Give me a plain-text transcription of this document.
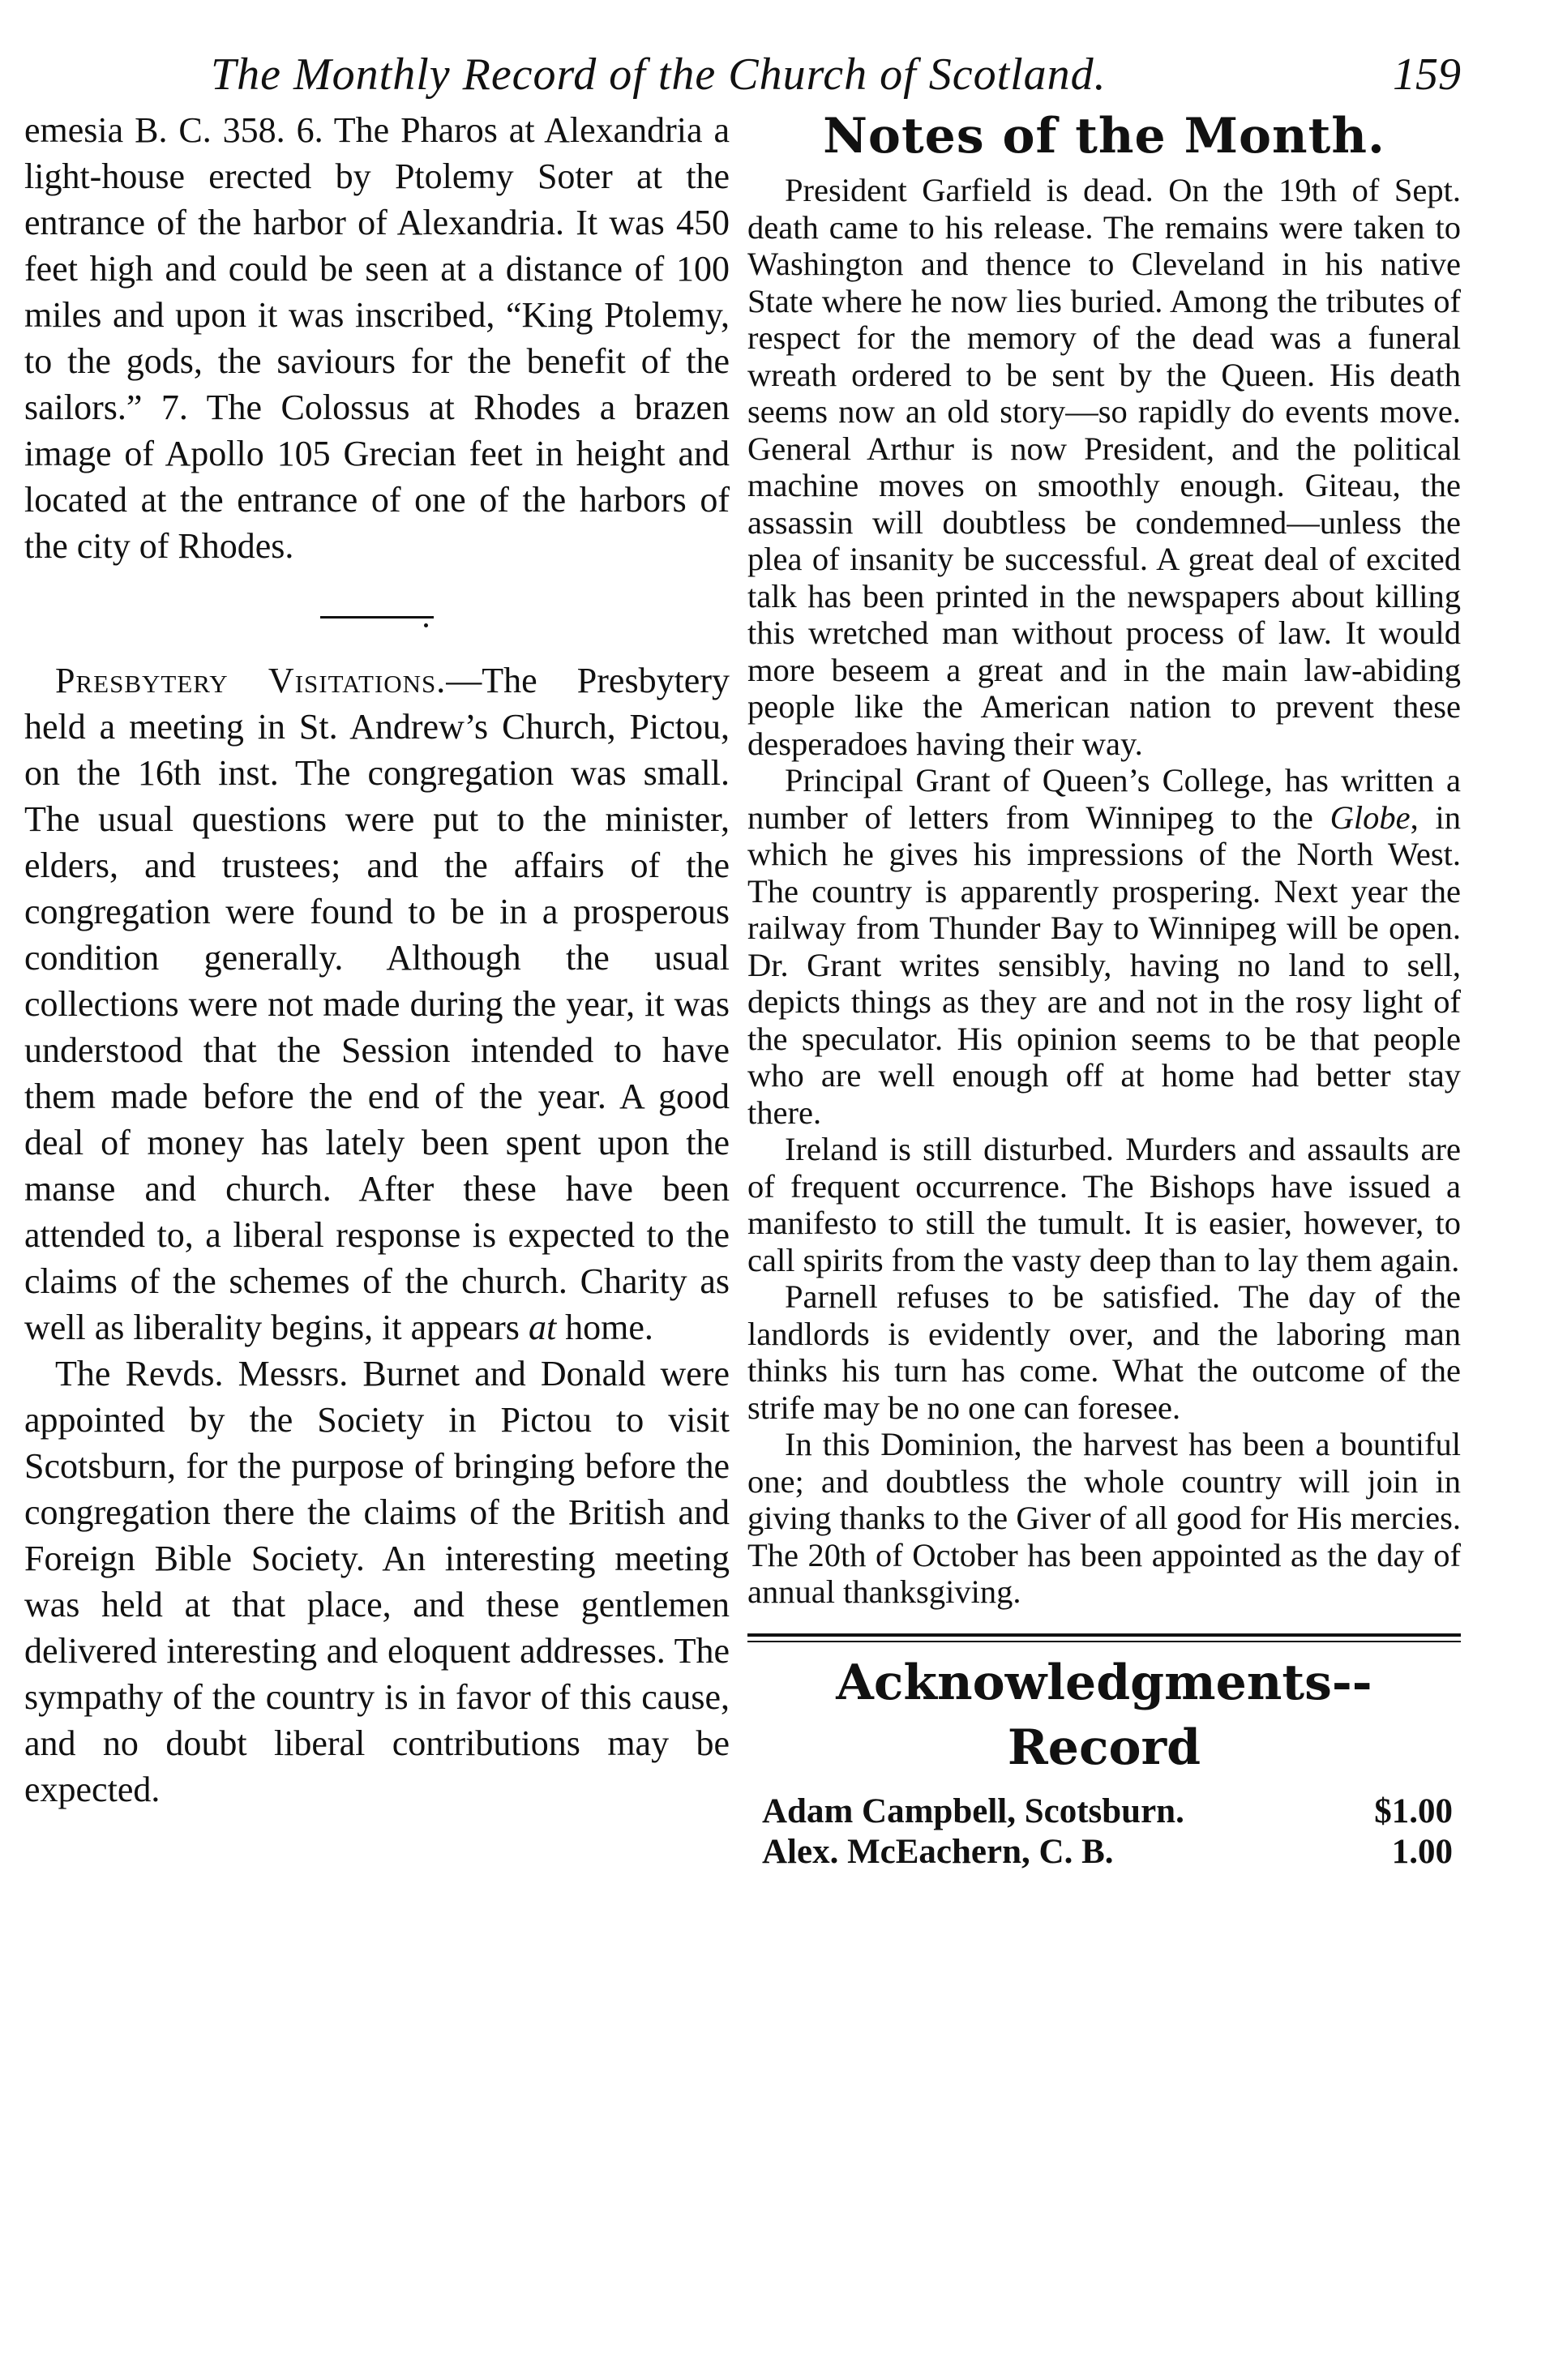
The Monthly Record of the Church of Scotland.	159

emesia B. C. 358. 6. The Pharos at Alexandria a light-house erected by Ptolemy Soter at the entrance of the harbor of Alexandria. It was 450 feet high and could be seen at a distance of 100 miles and upon it was inscribed, “King Ptolemy, to the gods, the saviours for the benefit of the sailors.” 7. The Colossus at Rhodes a brazen image of Apollo 105 Grecian feet in height and located at the entrance of one of the harbors of the city of Rhodes.

Presbytery Visitations.—The Presbytery held a meeting in St. Andrew’s Church, Pictou, on the 16th inst. The congregation was small. The usual questions were put to the minister, elders, and trustees; and the affairs of the congregation were found to be in a prosperous condition generally. Although the usual collections were not made during the year, it was understood that the Session intended to have them made before the end of the year. A good deal of money has lately been spent upon the manse and church. After these have been attended to, a liberal response is expected to the claims of the schemes of the church. Charity as well as liberality begins, it appears at home.

The Revds. Messrs. Burnet and Donald were appointed by the Society in Pictou to visit Scotsburn, for the purpose of bringing before the congregation there the claims of the British and Foreign Bible Society. An interesting meeting was held at that place, and these gentlemen delivered interesting and eloquent addresses. The sympathy of the country is in favor of this cause, and no doubt liberal contributions may be expected.

Notes of the Month.

President Garfield is dead. On the 19th of Sept. death came to his release. The remains were taken to Washington and thence to Cleveland in his native State where he now lies buried. Among the tributes of respect for the memory of the dead was a funeral wreath ordered to be sent by the Queen. His death seems now an old story—so rapidly do events move. General Arthur is now President, and the political machine moves on smoothly enough. Giteau, the assassin will doubtless be condemned—unless the plea of insanity be successful. A great deal of excited talk has been printed in the newspapers about killing this wretched man without process of law. It would more beseem a great and in the main law-abiding people like the American nation to prevent these desperadoes having their way.

Principal Grant of Queen’s College, has written a number of letters from Winnipeg to the Globe, in which he gives his impressions of the North West. The country is apparently prospering. Next year the railway from Thunder Bay to Winnipeg will be open. Dr. Grant writes sensibly, having no land to sell, depicts things as they are and not in the rosy light of the speculator. His opinion seems to be that people who are well enough off at home had better stay there.

Ireland is still disturbed. Murders and assaults are of frequent occurrence. The Bishops have issued a manifesto to still the tumult. It is easier, however, to call spirits from the vasty deep than to lay them again.

Parnell refuses to be satisfied. The day of the landlords is evidently over, and the laboring man thinks his turn has come. What the outcome of the strife may be no one can foresee.

In this Dominion, the harvest has been a bountiful one; and doubtless the whole country will join in giving thanks to the Giver of all good for His mercies. The 20th of October has been appointed as the day of annual thanksgiving.

Acknowledgments--Record
Adam Campbell, Scotsburn.	$1.00
Alex. McEachern, C. B.	1.00
